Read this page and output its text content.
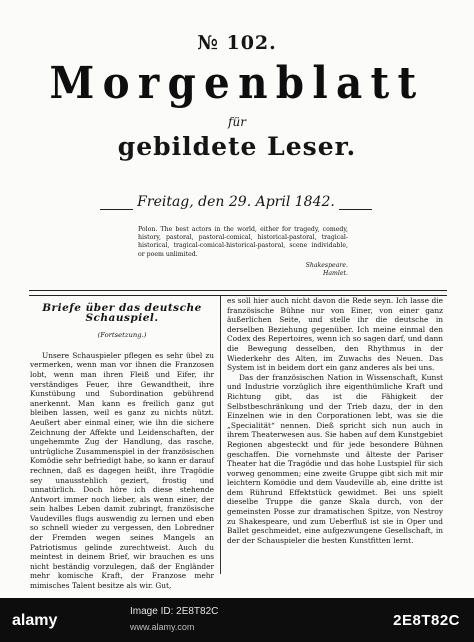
№ 102.
Morgenblatt
für
gebildete Leser.
Freitag, den 29. April 1842.
Polon. The best actors in the world, either for tragedy, comedy, history, pastoral, pastoral-comical, historical-pastoral, tragical-historical, tragical-comical-historical-pastoral, scene individable, or poem unlimited.
Shakespeare.
Hamlet.
Briefe über das deutsche Schauspiel.
(Fortsetzung.)

Unsere Schauspieler pflegen es sehr übel zu vermerken, wenn man vor ihnen die Franzosen lobt, wenn man ihren Fleiß und Eifer, ihr verständiges Feuer, ihre Gewandtheit, ihre Kunstübung und Subordination gebührend anerkennt. Man kann es freilich ganz gut bleiben lassen, weil es ganz zu nichts nützt. Aeußert aber einmal einer, wie ihn die sichere Zeichnung der Affekte und Leidenschaften, der ungehemmte Zug der Handlung, das rasche, untrügliche Zusammenspiel in der französischen Komödie sehr befriedigt habe, so kann er darauf rechnen, daß es dagegen heißt, ihre Tragödie sey unausstehlich geziert, frostig und unnatürlich. Doch höre ich diese stehende Antwort immer noch lieber, als wenn einer, der sein halbes Leben damit zubringt, französische Vaudevilles flugs auswendig zu lernen und eben so schnell wieder zu vergessen, den Lobredner der Fremden wegen seines Mangels an Patriotismus gelinde zurechtweist. Auch du meintest in deinem Brief, wir brauchen es uns nicht beständig vorzulegen, daß der Engländer mehr komische Kraft, der Franzose mehr mimisches Talent besitze als wir. Gut,

es soll hier auch nicht davon die Rede seyn. Ich lasse die französische Bühne nur von Einer, von einer ganz äußerlichen Seite, und stelle ihr die deutsche in derselben Beziehung gegenüber. Ich meine einmal den Codex des Repertoires, wenn ich so sagen darf, und dann die Bewegung desselben, den Rhythmus in der Wiederkehr des Alten, im Zuwachs des Neuen. Das System ist in beidem dort ein ganz anderes als bei uns.

Das der französischen Nation in Wissenschaft, Kunst und Industrie vorzüglich ihre eigenthümliche Kraft und Richtung gibt, das ist die Fähigkeit der Selbstbeschränkung und der Trieb dazu, der in den Einzelnen wie in den Corporationen lebt, was sie die „Specialität“ nennen. Dieß spricht sich nun auch in ihrem Theaterwesen aus. Sie haben auf dem Kunstgebiet Regionen abgesteckt und für jede besondere Bühnen geschaffen. Die vornehmste und älteste der Pariser Theater hat die Tragödie und das hohe Lustspiel für sich vorweg genommen; eine zweite Gruppe gibt sich mit mir leichtern Komödie und dem Vaudeville ab, eine dritte ist dem Rührund Effektstück gewidmet. Bei uns spielt dieselbe Truppe die ganze Skala durch, von der gemeinsten Posse zur dramatischen Spitze, von Nestroy zu Shakespeare, und zum Ueberfluß ist sie in Oper und Ballet geschmeidet, eine aufgezwungene Gesellschaft, in der der Schauspieler die besten Kunstfitten lernt.

alamy
Image ID: 2E8T82C
www.alamy.com	2E8T82C
